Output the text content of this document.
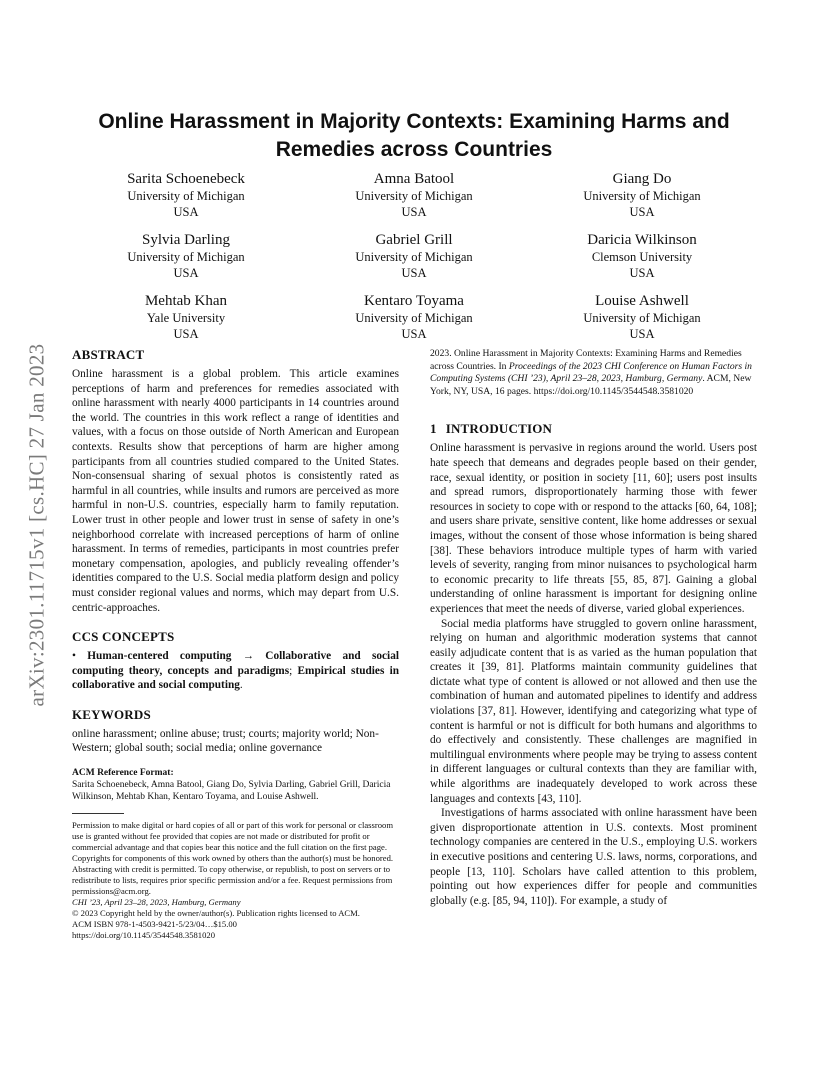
arXiv:2301.11715v1 [cs.HC] 27 Jan 2023
Online Harassment in Majority Contexts: Examining Harms and Remedies across Countries
Sarita Schoenebeck
University of Michigan
USA
Amna Batool
University of Michigan
USA
Giang Do
University of Michigan
USA
Sylvia Darling
University of Michigan
USA
Gabriel Grill
University of Michigan
USA
Daricia Wilkinson
Clemson University
USA
Mehtab Khan
Yale University
USA
Kentaro Toyama
University of Michigan
USA
Louise Ashwell
University of Michigan
USA
ABSTRACT

Online harassment is a global problem. This article examines perceptions of harm and preferences for remedies associated with online harassment with nearly 4000 participants in 14 countries around the world. The countries in this work reflect a range of identities and values, with a focus on those outside of North American and European contexts. Results show that perceptions of harm are higher among participants from all countries studied compared to the United States. Non-consensual sharing of sexual photos is consistently rated as harmful in all countries, while insults and rumors are perceived as more harmful in non-U.S. countries, especially harm to family reputation. Lower trust in other people and lower trust in sense of safety in one’s neighborhood correlate with increased perceptions of harm of online harassment. In terms of remedies, participants in most countries prefer monetary compensation, apologies, and publicly revealing offender’s identities compared to the U.S. Social media platform design and policy must consider regional values and norms, which may depart from U.S. centric-approaches.

CCS CONCEPTS

• Human-centered computing → Collaborative and social computing theory, concepts and paradigms; Empirical studies in collaborative and social computing.

KEYWORDS

online harassment; online abuse; trust; courts; majority world; Non-Western; global south; social media; online governance

ACM Reference Format:
Sarita Schoenebeck, Amna Batool, Giang Do, Sylvia Darling, Gabriel Grill, Daricia Wilkinson, Mehtab Khan, Kentaro Toyama, and Louise Ashwell.
Permission to make digital or hard copies of all or part of this work for personal or classroom use is granted without fee provided that copies are not made or distributed for profit or commercial advantage and that copies bear this notice and the full citation on the first page. Copyrights for components of this work owned by others than the author(s) must be honored. Abstracting with credit is permitted. To copy otherwise, or republish, to post on servers or to redistribute to lists, requires prior specific permission and/or a fee. Request permissions from permissions@acm.org.
CHI ’23, April 23–28, 2023, Hamburg, Germany
© 2023 Copyright held by the owner/author(s). Publication rights licensed to ACM.
ACM ISBN 978-1-4503-9421-5/23/04…$15.00
https://doi.org/10.1145/3544548.3581020
2023. Online Harassment in Majority Contexts: Examining Harms and Remedies across Countries. In Proceedings of the 2023 CHI Conference on Human Factors in Computing Systems (CHI ’23), April 23–28, 2023, Hamburg, Germany. ACM, New York, NY, USA, 16 pages. https://doi.org/10.1145/3544548.3581020
1 INTRODUCTION

Online harassment is pervasive in regions around the world. Users post hate speech that demeans and degrades people based on their gender, race, sexual identity, or position in society [11, 60]; users post insults and spread rumors, disproportionately harming those with fewer resources in society to cope with or respond to the attacks [60, 64, 108]; and users share private, sensitive content, like home addresses or sexual images, without the consent of those whose information is being shared [38]. These behaviors introduce multiple types of harm with varied levels of severity, ranging from minor nuisances to psychological harm to economic precarity to life threats [55, 85, 87]. Gaining a global understanding of online harassment is important for designing online experiences that meet the needs of diverse, varied global experiences.

Social media platforms have struggled to govern online harassment, relying on human and algorithmic moderation systems that cannot easily adjudicate content that is as varied as the human population that creates it [39, 81]. Platforms maintain community guidelines that dictate what type of content is allowed or not allowed and then use the combination of human and automated pipelines to identify and address violations [37, 81]. However, identifying and categorizing what type of content is harmful or not is difficult for both humans and algorithms to do effectively and consistently. These challenges are magnified in multilingual environments where people may be trying to assess content in different languages or cultural contexts than they are familiar with, while algorithms are inadequately developed to work across these languages and contexts [43, 110].

Investigations of harms associated with online harassment have been given disproportionate attention in U.S. contexts. Most prominent technology companies are centered in the U.S., employing U.S. workers in executive positions and centering U.S. laws, norms, corporations, and people [13, 110]. Scholars have called attention to this problem, pointing out how experiences differ for people and communities globally (e.g. [85, 94, 110]). For example, a study of
